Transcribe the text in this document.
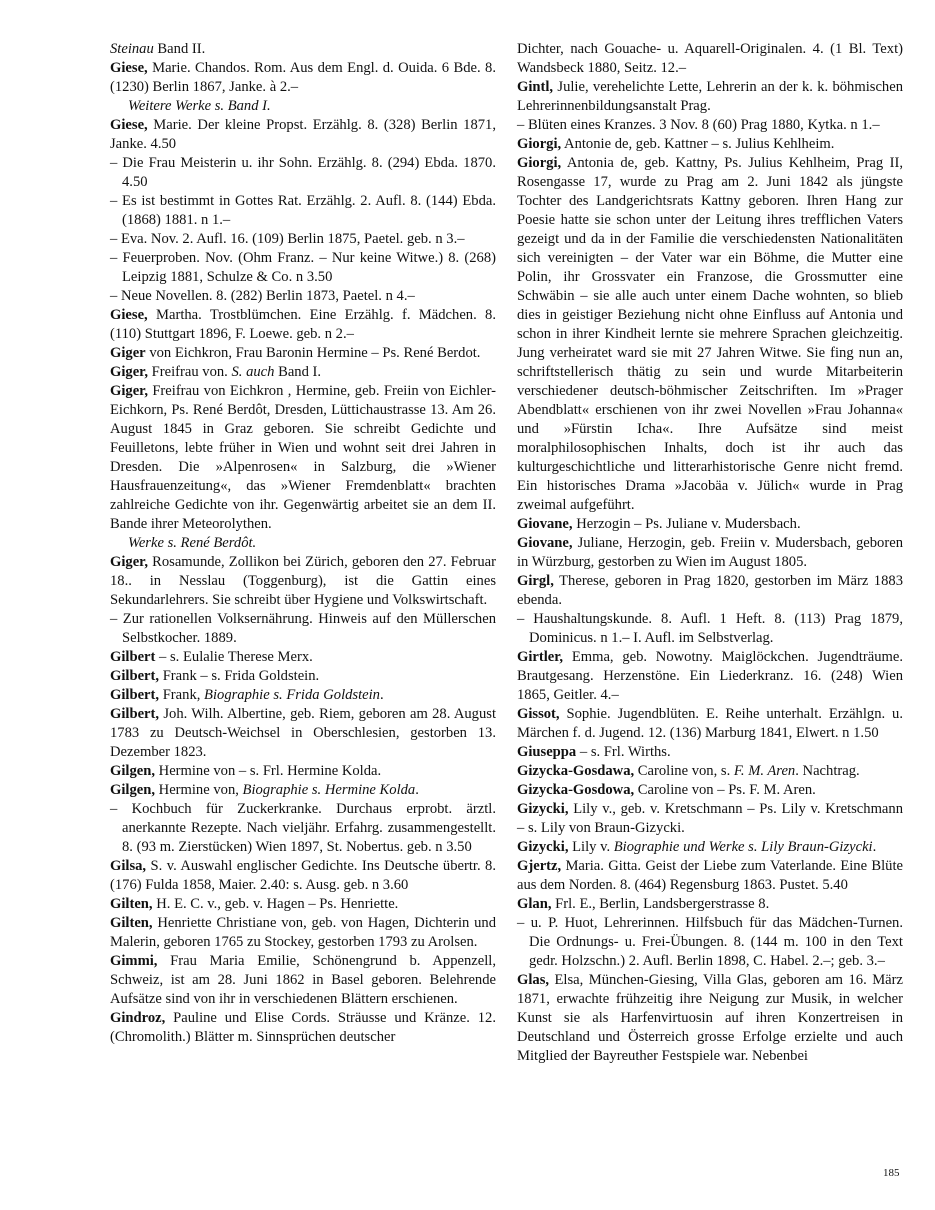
Steinau Band II.

Giese, Marie. Chandos. Rom. Aus dem Engl. d. Ouida. 6 Bde. 8. (1230) Berlin 1867, Janke. à 2.–

Weitere Werke s. Band I.

Giese, Marie. Der kleine Propst. Erzählg. 8. (328) Berlin 1871, Janke. 4.50

– Die Frau Meisterin u. ihr Sohn. Erzählg. 8. (294) Ebda. 1870. 4.50

– Es ist bestimmt in Gottes Rat. Erzählg. 2. Aufl. 8. (144) Ebda. (1868) 1881. n 1.–

– Eva. Nov. 2. Aufl. 16. (109) Berlin 1875, Paetel. geb. n 3.–

– Feuerproben. Nov. (Ohm Franz. – Nur keine Witwe.) 8. (268) Leipzig 1881, Schulze & Co. n 3.50

– Neue Novellen. 8. (282) Berlin 1873, Paetel. n 4.–

Giese, Martha. Trostblümchen. Eine Erzählg. f. Mädchen. 8. (110) Stuttgart 1896, F. Loewe. geb. n 2.–

Giger von Eichkron, Frau Baronin Hermine – Ps. René Berdot.

Giger, Freifrau von. S. auch Band I.

Giger, Freifrau von Eichkron , Hermine, geb. Freiin von Eichler-Eichkorn, Ps. René Berdôt, Dresden, Lüttichaustrasse 13. Am 26. August 1845 in Graz geboren. Sie schreibt Gedichte und Feuilletons, lebte früher in Wien und wohnt seit drei Jahren in Dresden. Die »Alpenrosen« in Salzburg, die »Wiener Hausfrauenzeitung«, das »Wiener Fremdenblatt« brachten zahlreiche Gedichte von ihr. Gegenwärtig arbeitet sie an dem II. Bande ihrer Meteorolythen.

Werke s. René Berdôt.

Giger, Rosamunde, Zollikon bei Zürich, geboren den 27. Februar 18.. in Nesslau (Toggenburg), ist die Gattin eines Sekundarlehrers. Sie schreibt über Hygiene und Volkswirtschaft.

– Zur rationellen Volksernährung. Hinweis auf den Müllerschen Selbstkocher. 1889.

Gilbert – s. Eulalie Therese Merx.

Gilbert, Frank – s. Frida Goldstein.

Gilbert, Frank, Biographie s. Frida Goldstein.

Gilbert, Joh. Wilh. Albertine, geb. Riem, geboren am 28. August 1783 zu Deutsch-Weichsel in Oberschlesien, gestorben 13. Dezember 1823.

Gilgen, Hermine von – s. Frl. Hermine Kolda.

Gilgen, Hermine von, Biographie s. Hermine Kolda.

– Kochbuch für Zuckerkranke. Durchaus erprobt. ärztl. anerkannte Rezepte. Nach vieljähr. Erfahrg. zusammengestellt. 8. (93 m. Zierstücken) Wien 1897, St. Nobertus. geb. n 3.50

Gilsa, S. v. Auswahl englischer Gedichte. Ins Deutsche übertr. 8. (176) Fulda 1858, Maier. 2.40: s. Ausg. geb. n 3.60

Gilten, H. E. C. v., geb. v. Hagen – Ps. Henriette.

Gilten, Henriette Christiane von, geb. von Hagen, Dichterin und Malerin, geboren 1765 zu Stockey, gestorben 1793 zu Arolsen.

Gimmi, Frau Maria Emilie, Schönengrund b. Appenzell, Schweiz, ist am 28. Juni 1862 in Basel geboren. Belehrende Aufsätze sind von ihr in verschiedenen Blättern erschienen.

Gindroz, Pauline und Elise Cords. Sträusse und Kränze. 12. (Chromolith.) Blätter m. Sinnsprüchen deutscher

Dichter, nach Gouache- u. Aquarell-Originalen. 4. (1 Bl. Text) Wandsbeck 1880, Seitz. 12.–

Gintl, Julie, verehelichte Lette, Lehrerin an der k. k. böhmischen Lehrerinnenbildungsanstalt Prag.

– Blüten eines Kranzes. 3 Nov. 8 (60) Prag 1880, Kytka. n 1.–

Giorgi, Antonie de, geb. Kattner – s. Julius Kehlheim.

Giorgi, Antonia de, geb. Kattny, Ps. Julius Kehlheim, Prag II, Rosengasse 17, wurde zu Prag am 2. Juni 1842 als jüngste Tochter des Landgerichtsrats Kattny geboren. Ihren Hang zur Poesie hatte sie schon unter der Leitung ihres trefflichen Vaters gezeigt und da in der Familie die verschiedensten Nationalitäten sich vereinigten – der Vater war ein Böhme, die Mutter eine Polin, ihr Grossvater ein Franzose, die Grossmutter eine Schwäbin – sie alle auch unter einem Dache wohnten, so blieb dies in geistiger Beziehung nicht ohne Einfluss auf Antonia und schon in ihrer Kindheit lernte sie mehrere Sprachen gleichzeitig. Jung verheiratet ward sie mit 27 Jahren Witwe. Sie fing nun an, schriftstellerisch thätig zu sein und wurde Mitarbeiterin verschiedener deutsch-böhmischer Zeitschriften. Im »Prager Abendblatt« erschienen von ihr zwei Novellen »Frau Johanna« und »Fürstin Icha«. Ihre Aufsätze sind meist moralphilosophischen Inhalts, doch ist ihr auch das kulturgeschichtliche und litterarhistorische Genre nicht fremd. Ein historisches Drama »Jacobäa v. Jülich« wurde in Prag zweimal aufgeführt.

Giovane, Herzogin – Ps. Juliane v. Mudersbach.

Giovane, Juliane, Herzogin, geb. Freiin v. Mudersbach, geboren in Würzburg, gestorben zu Wien im August 1805.

Girgl, Therese, geboren in Prag 1820, gestorben im März 1883 ebenda.

– Haushaltungskunde. 8. Aufl. 1 Heft. 8. (113) Prag 1879, Dominicus. n 1.– I. Aufl. im Selbstverlag.

Girtler, Emma, geb. Nowotny. Maiglöckchen. Jugendträume. Brautgesang. Herzenstöne. Ein Liederkranz. 16. (248) Wien 1865, Geitler. 4.–

Gissot, Sophie. Jugendblüten. E. Reihe unterhalt. Erzählgn. u. Märchen f. d. Jugend. 12. (136) Marburg 1841, Elwert. n 1.50

Giuseppa – s. Frl. Wirths.

Gizycka-Gosdawa, Caroline von, s. F. M. Aren. Nachtrag.

Gizycka-Gosdowa, Caroline von – Ps. F. M. Aren.

Gizycki, Lily v., geb. v. Kretschmann – Ps. Lily v. Kretschmann – s. Lily von Braun-Gizycki.

Gizycki, Lily v. Biographie und Werke s. Lily Braun-Gizycki.

Gjertz, Maria. Gitta. Geist der Liebe zum Vaterlande. Eine Blüte aus dem Norden. 8. (464) Regensburg 1863. Pustet. 5.40

Glan, Frl. E., Berlin, Landsbergerstrasse 8.

– u. P. Huot, Lehrerinnen. Hilfsbuch für das Mädchen-Turnen. Die Ordnungs- u. Frei-Übungen. 8. (144 m. 100 in den Text gedr. Holzschn.) 2. Aufl. Berlin 1898, C. Habel. 2.–; geb. 3.–

Glas, Elsa, München-Giesing, Villa Glas, geboren am 16. März 1871, erwachte frühzeitig ihre Neigung zur Musik, in welcher Kunst sie als Harfenvirtuosin auf ihren Konzertreisen in Deutschland und Österreich grosse Erfolge erzielte und auch Mitglied der Bayreuther Festspiele war. Nebenbei

185
